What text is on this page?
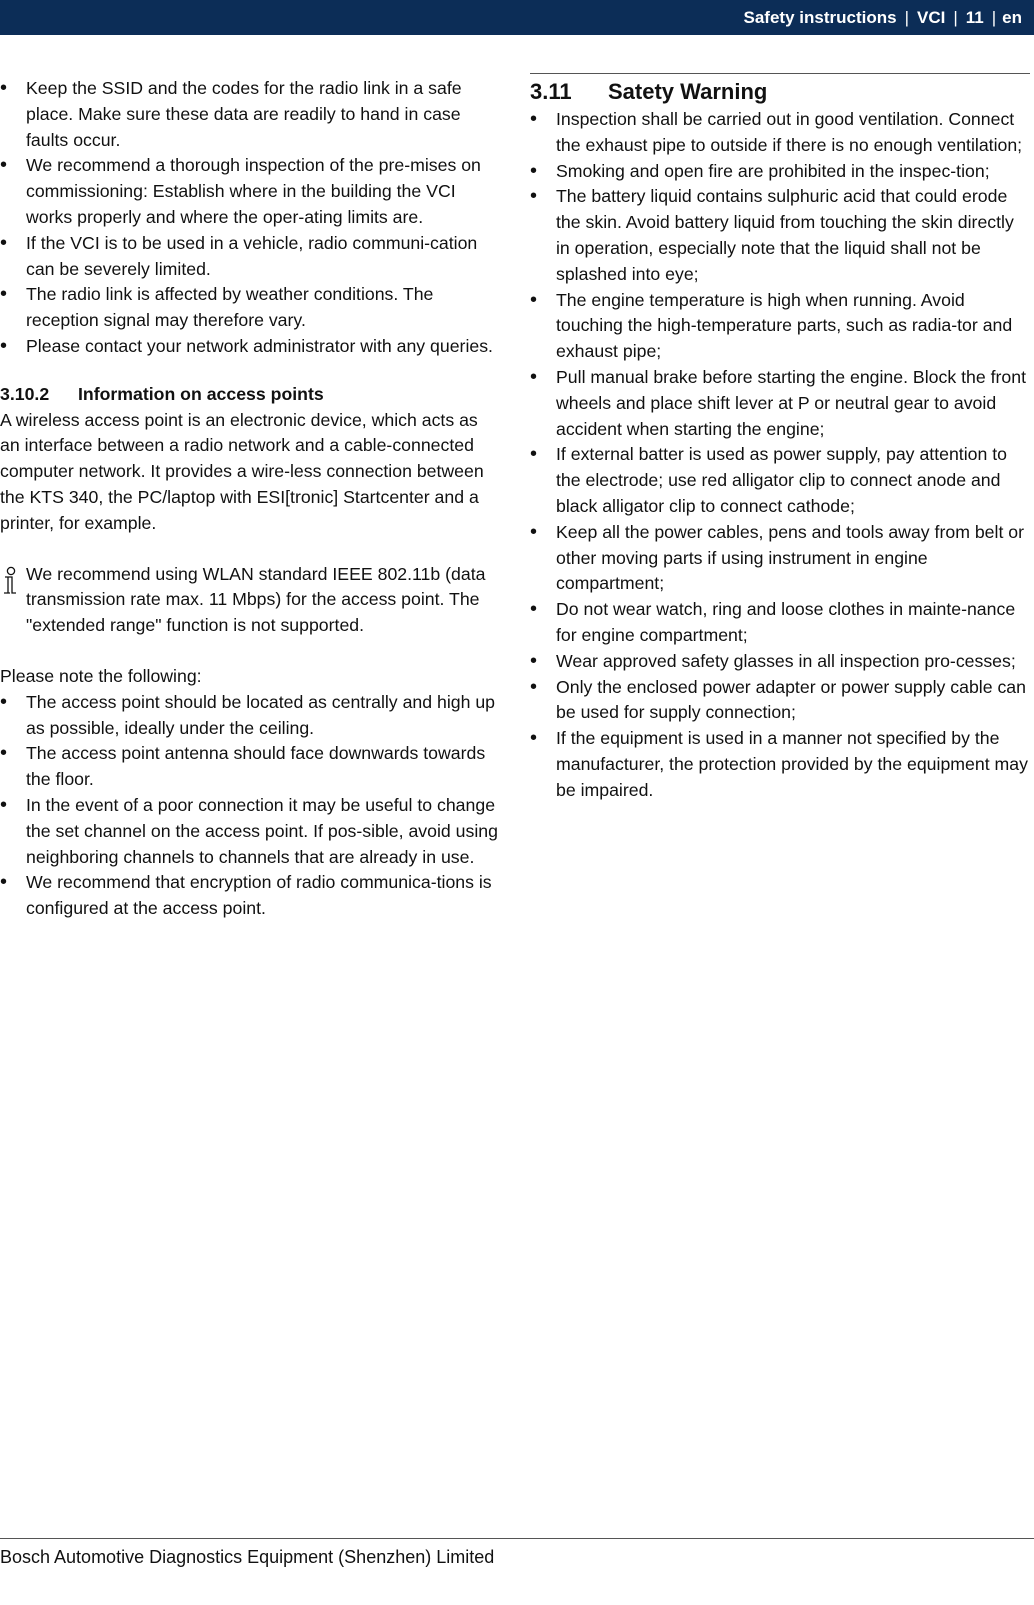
Safety instructions | VCI | 11 | en
• Keep the SSID and the codes for the radio link in a safe place. Make sure these data are readily to hand in case faults occur.
• We recommend a thorough inspection of the pre-mises on commissioning: Establish where in the building the VCI works properly and where the oper-ating limits are.
• If the VCI is to be used in a vehicle, radio communi-cation can be severely limited.
• The radio link is affected by weather conditions. The reception signal may therefore vary.
• Please contact your network administrator with any queries.
3.10.2 Information on access points

A wireless access point is an electronic device, which acts as an interface between a radio network and a cable-connected computer network. It provides a wire-less connection between the KTS 340, the PC/laptop with ESI[tronic] Startcenter and a printer, for example.

We recommend using WLAN standard IEEE 802.11b (data transmission rate max. 11 Mbps) for the access point. The "extended range" function is not supported.

Please note the following:

• The access point should be located as centrally and high up as possible, ideally under the ceiling.
• The access point antenna should face downwards towards the floor.
• In the event of a poor connection it may be useful to change the set channel on the access point. If pos-sible, avoid using neighboring channels to channels that are already in use.
• We recommend that encryption of radio communica-tions is configured at the access point.
3.11 Satety Warning
• Inspection shall be carried out in good ventilation. Connect the exhaust pipe to outside if there is no enough ventilation;
• Smoking and open fire are prohibited in the inspec-tion;
• The battery liquid contains sulphuric acid that could erode the skin. Avoid battery liquid from touching the skin directly in operation, especially note that the liquid shall not be splashed into eye;
• The engine temperature is high when running. Avoid touching the high-temperature parts, such as radia-tor and exhaust pipe;
• Pull manual brake before starting the engine. Block the front wheels and place shift lever at P or neutral gear to avoid accident when starting the engine;
• If external batter is used as power supply, pay attention to the electrode; use red alligator clip to connect anode and black alligator clip to connect cathode;
• Keep all the power cables, pens and tools away from belt or other moving parts if using instrument in engine compartment;
• Do not wear watch, ring and loose clothes in mainte-nance for engine compartment;
• Wear approved safety glasses in all inspection pro-cesses;
• Only the enclosed power adapter or power supply cable can be used for supply connection;
• If the equipment is used in a manner not specified by the manufacturer, the protection provided by the equipment may be impaired.
Bosch Automotive Diagnostics Equipment (Shenzhen) Limited
